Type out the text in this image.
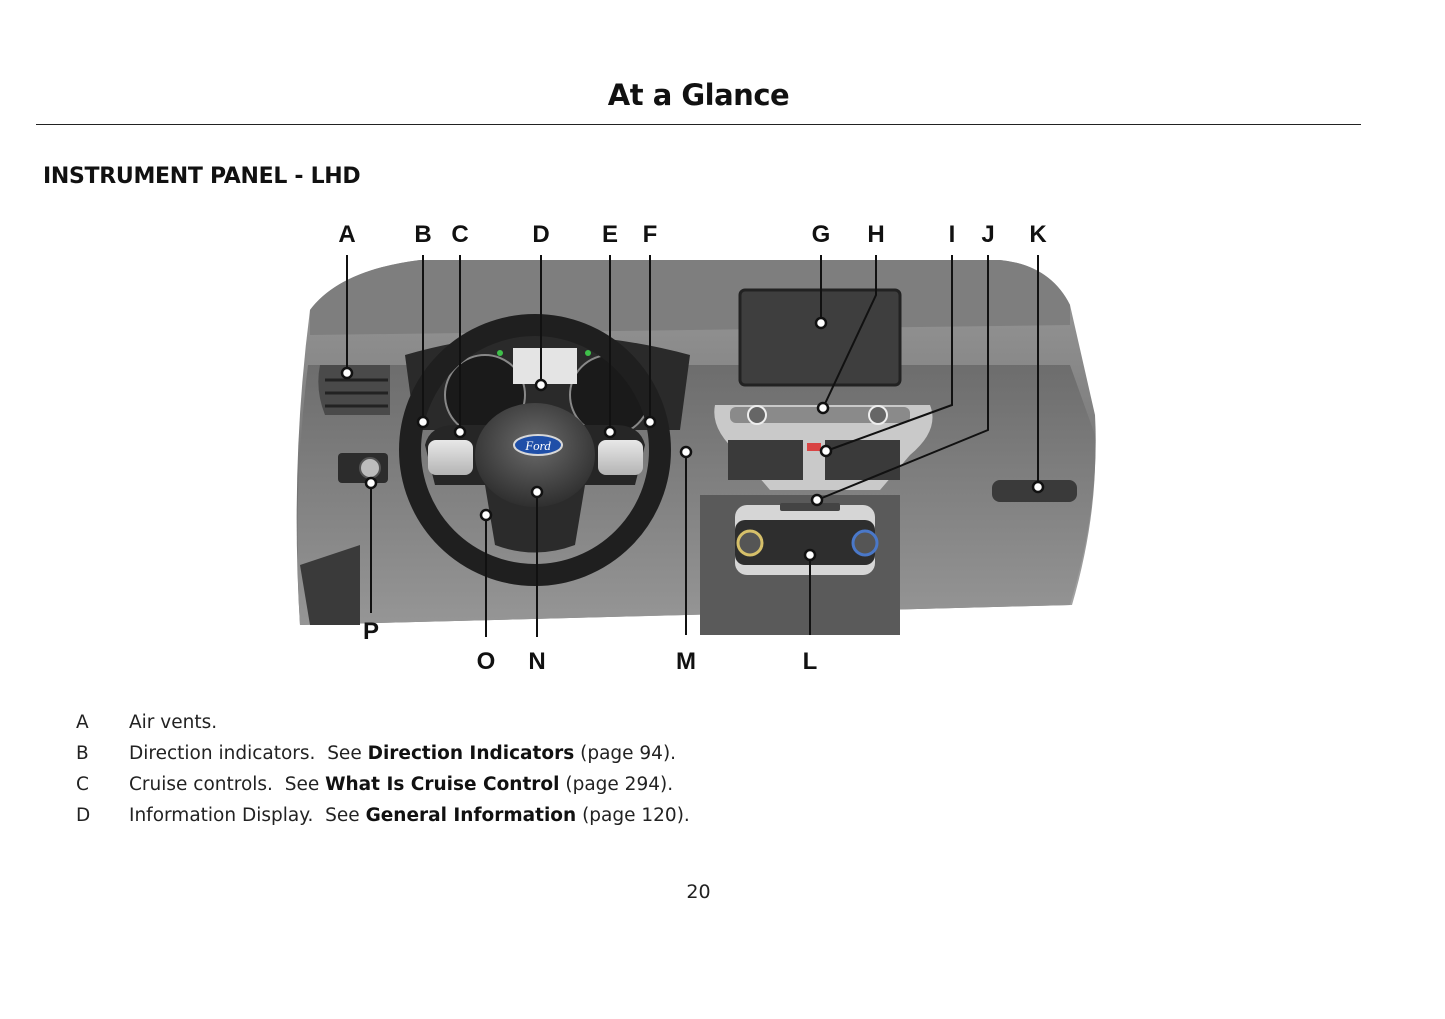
At a Glance
INSTRUMENT PANEL - LHD
Ford
A B C	D E F	G H	I J K
L
M
N
O
P
A	Air vents.
B	Direction indicators. See Direction Indicators (page 94).
C	Cruise controls. See What Is Cruise Control (page 294).
D	Information Display. See General Information (page 120).
20
